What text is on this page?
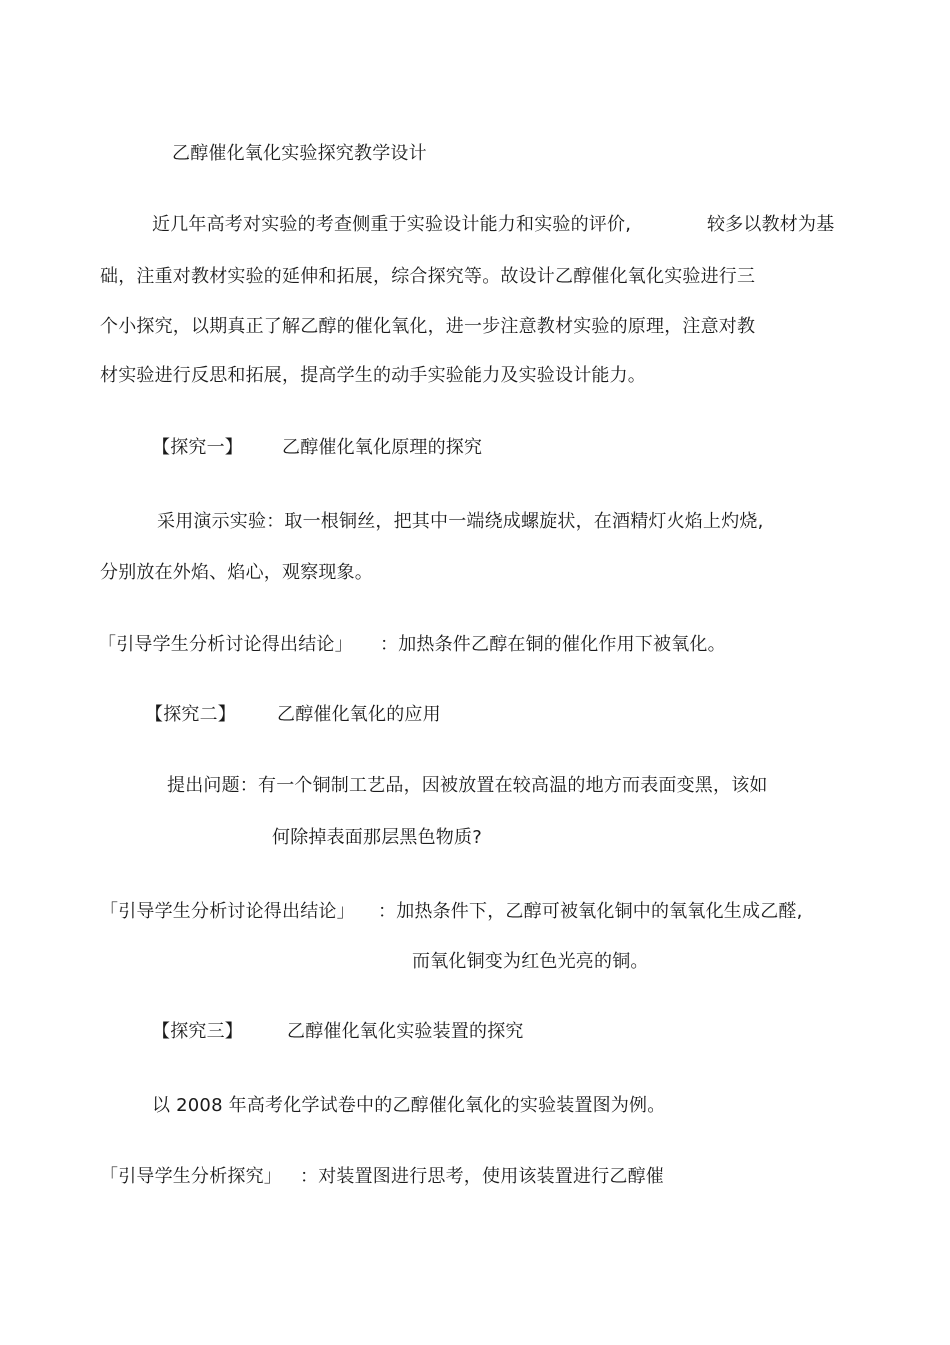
乙醇催化氧化实验探究教学设计
近几年高考对实验的考查侧重于实验设计能力和实验的评价,	较多以教材为基
础，注重对教材实验的延伸和拓展，综合探究等。故设计乙醇催化氧化实验进行三
个小探究，以期真正了解乙醇的催化氧化，进一步注意教材实验的原理，注意对教
材实验进行反思和拓展，提高学生的动手实验能力及实验设计能力。
【探究一】 乙醇催化氧化原理的探究
采用演示实验：取一根铜丝，把其中一端绕成螺旋状，在酒精灯火焰上灼烧,
分别放在外焰、焰心，观察现象。
「引导学生分析讨论得出结论」 ：加热条件乙醇在铜的催化作用下被氧化。
【探究二】 乙醇催化氧化的应用
提出问题：有一个铜制工艺品，因被放置在较高温的地方而表面变黑，该如
何除掉表面那层黑色物质?
「引导学生分析讨论得出结论」 ：加热条件下，乙醇可被氧化铜中的氧氧化生成乙醛,
而氧化铜变为红色光亮的铜。
【探究三】 乙醇催化氧化实验装置的探究
以 2008 年高考化学试卷中的乙醇催化氧化的实验装置图为例。
「引导学生分析探究」 ：对装置图进行思考，使用该装置进行乙醇催
